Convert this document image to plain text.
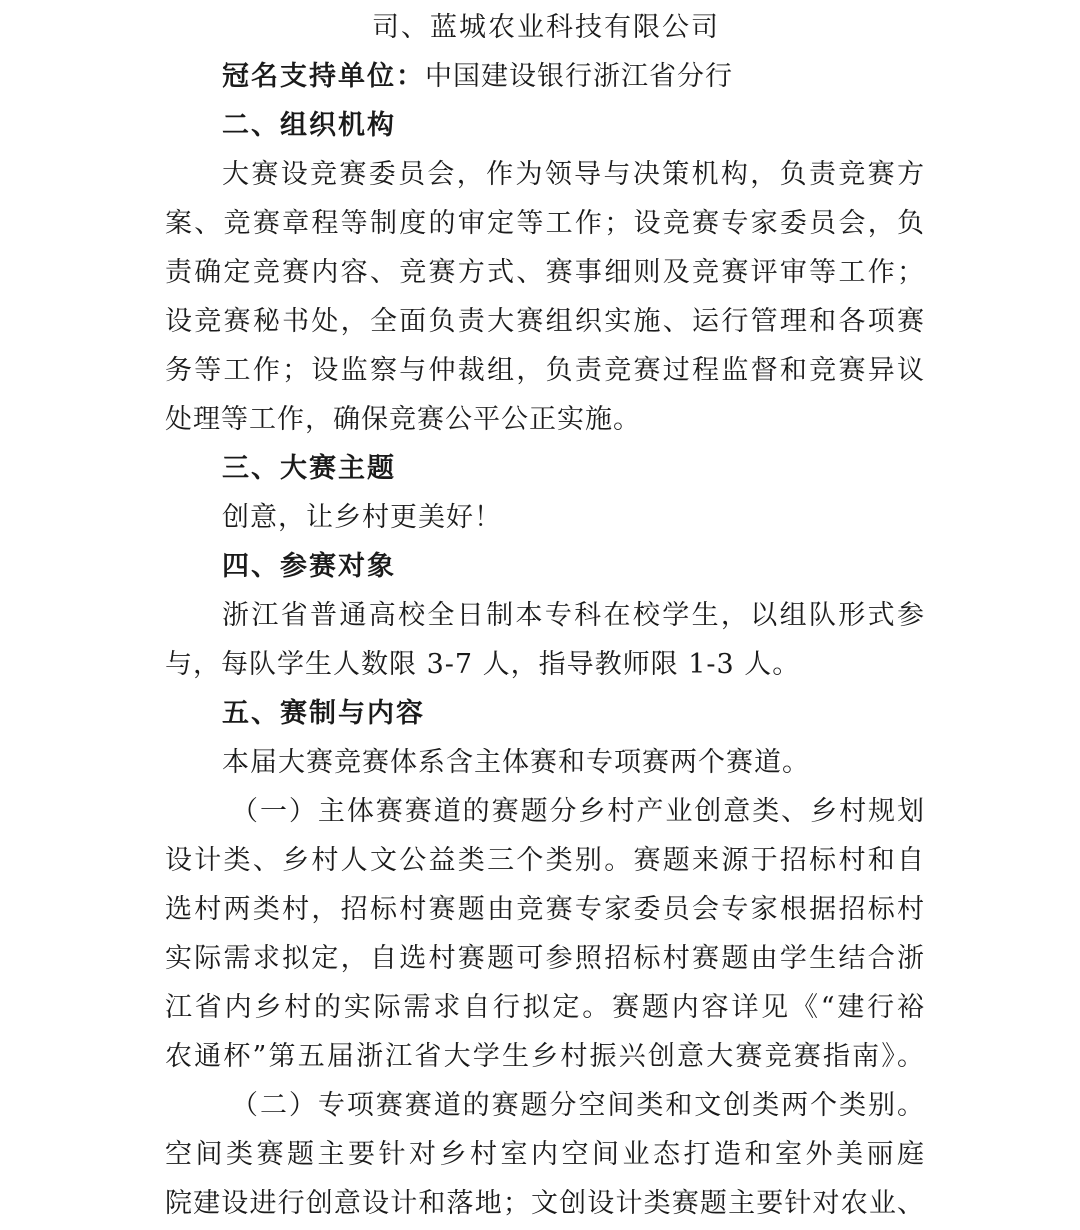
司、蓝城农业科技有限公司
冠名支持单位：中国建设银行浙江省分行
二、组织机构
大赛设竞赛委员会，作为领导与决策机构，负责竞赛方
案、竞赛章程等制度的审定等工作；设竞赛专家委员会，负
责确定竞赛内容、竞赛方式、赛事细则及竞赛评审等工作；
设竞赛秘书处，全面负责大赛组织实施、运行管理和各项赛
务等工作；设监察与仲裁组，负责竞赛过程监督和竞赛异议
处理等工作，确保竞赛公平公正实施。
三、大赛主题
创意，让乡村更美好！
四、参赛对象
浙江省普通高校全日制本专科在校学生，以组队形式参
与，每队学生人数限 3-7 人，指导教师限 1-3 人。
五、赛制与内容
本届大赛竞赛体系含主体赛和专项赛两个赛道。
（一）主体赛赛道的赛题分乡村产业创意类、乡村规划
设计类、乡村人文公益类三个类别。赛题来源于招标村和自
选村两类村，招标村赛题由竞赛专家委员会专家根据招标村
实际需求拟定，自选村赛题可参照招标村赛题由学生结合浙
江省内乡村的实际需求自行拟定。赛题内容详见《“建行裕
农通杯”第五届浙江省大学生乡村振兴创意大赛竞赛指南》。
（二）专项赛赛道的赛题分空间类和文创类两个类别。
空间类赛题主要针对乡村室内空间业态打造和室外美丽庭
院建设进行创意设计和落地；文创设计类赛题主要针对农业、
